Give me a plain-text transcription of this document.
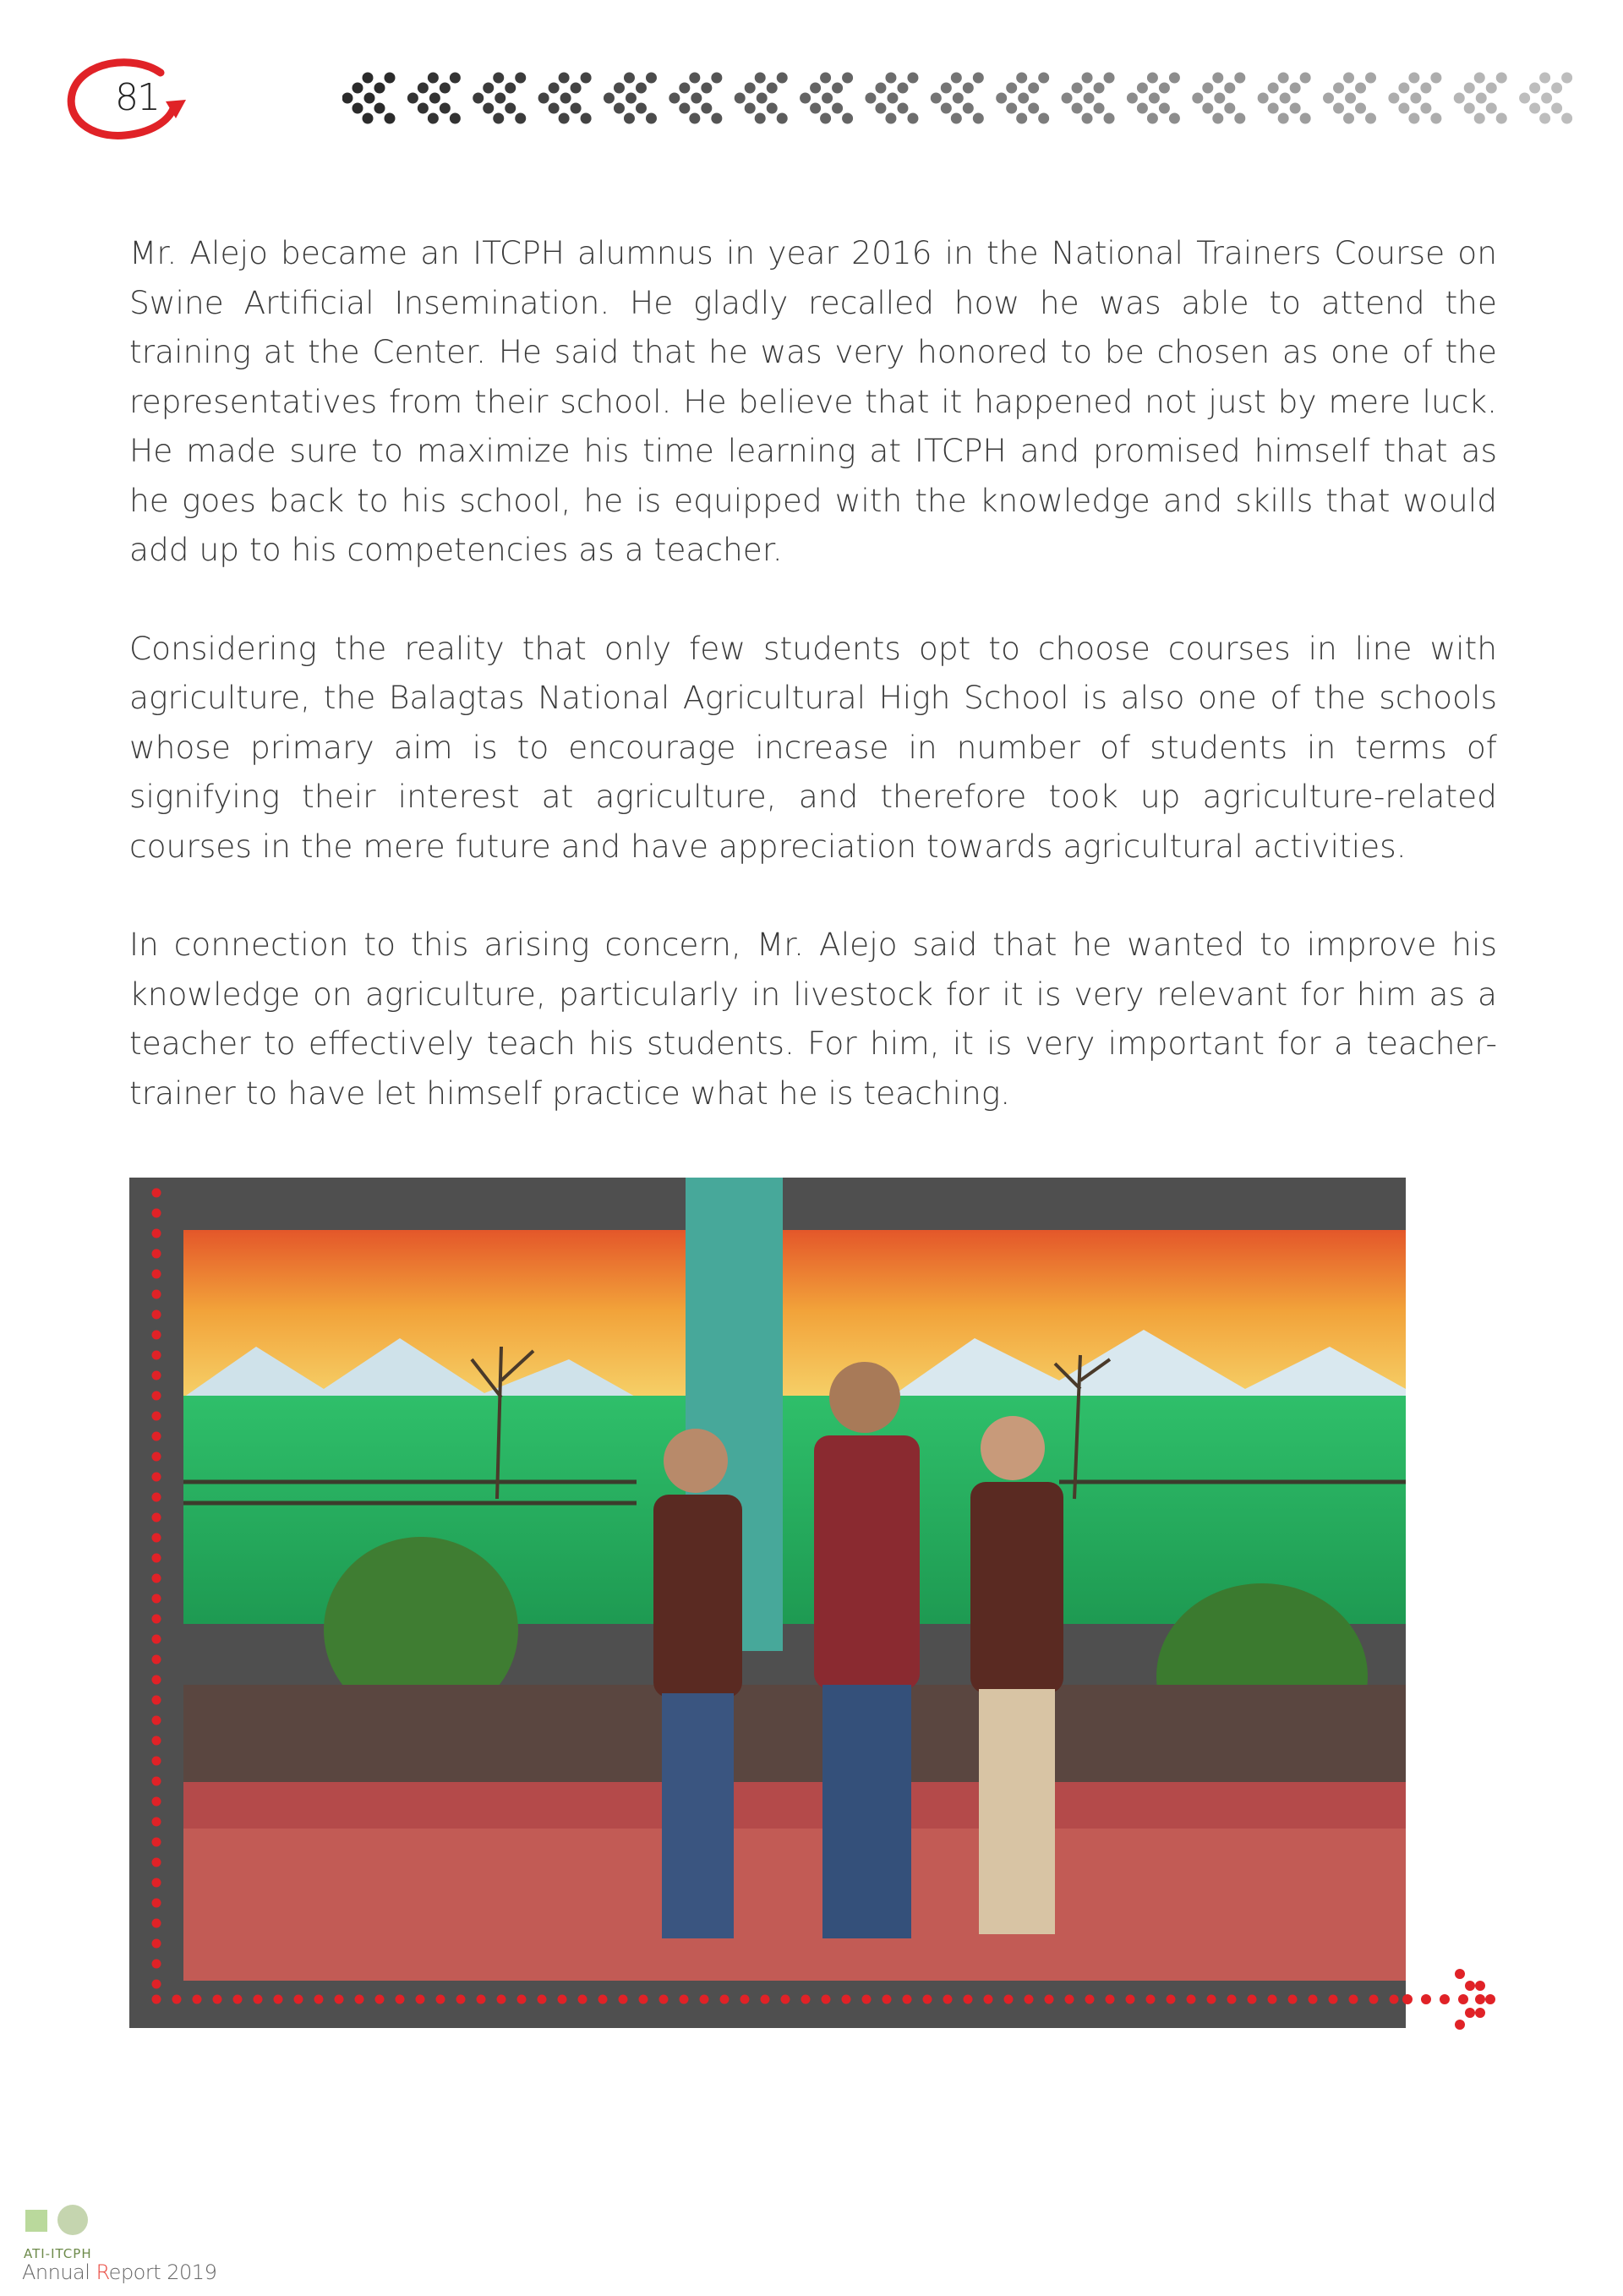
81

Mr. Alejo became an ITCPH alumnus in year 2016 in the National Trainers Course on Swine Artificial Insemination. He gladly recalled how he was able to attend the training at the Center. He said that he was very honored to be chosen as one of the representatives from their school. He believe that it happened not just by mere luck. He made sure to maximize his time learning at ITCPH and promised himself that as he goes back to his school, he is equipped with the knowledge and skills that would add up to his competencies as a teacher.

Considering the reality that only few students opt to choose courses in line with agriculture, the Balagtas National Agricultural High School is also one of the schools whose primary aim is to encourage increase in number of students in terms of signifying their interest at agriculture, and therefore took up agriculture-related courses in the mere future and have appreciation towards agricultural activities.

In connection to this arising concern, Mr. Alejo said that he wanted to improve his knowledge on agriculture, particularly in livestock for it is very relevant for him as a teacher to effectively teach his students. For him, it is very important for a teacher-trainer to have let himself practice what he is teaching.

ATI-ITCPH
Annual Report 2019
